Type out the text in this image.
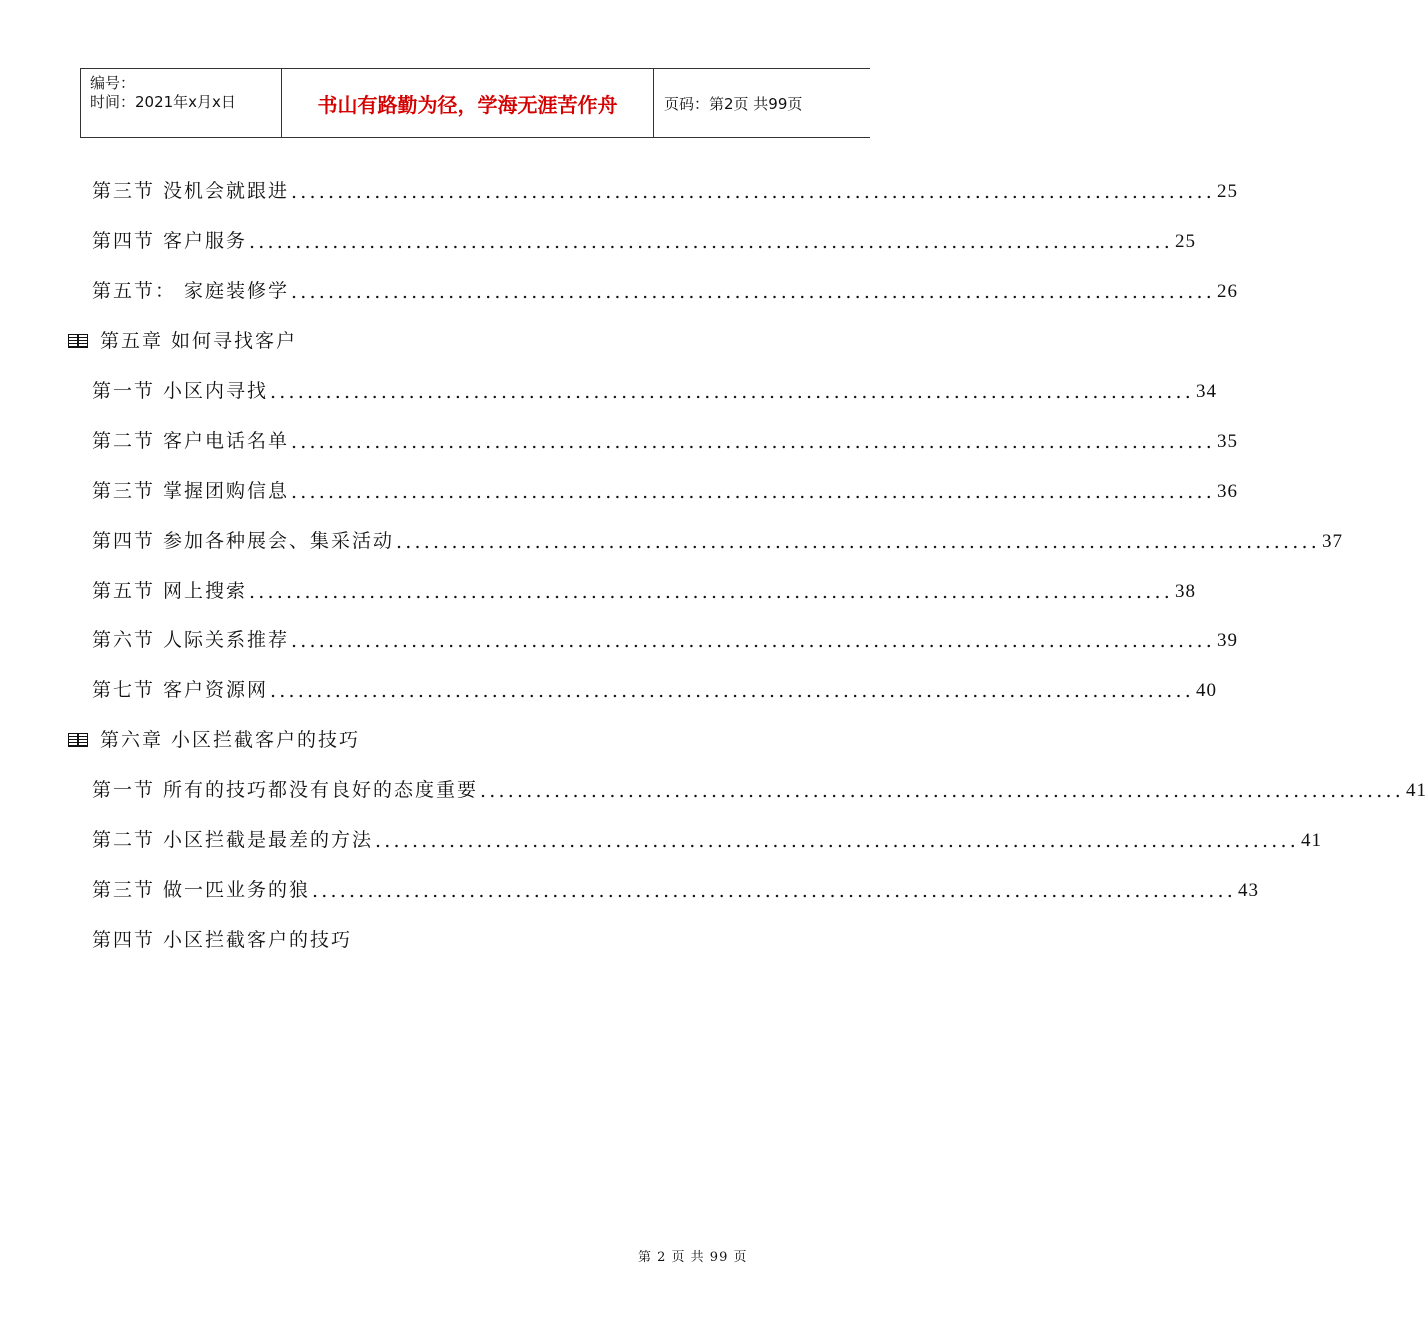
编号：
时间：2021年x月x日	书山有路勤为径，学海无涯苦作舟	页码：第2页 共99页
第三节 没机会就跟进 .................................................................................................... 25
第四节 客户服务 .................................................................................................... 25
第五节： 家庭装修学 .................................................................................................... 26
第五章 如何寻找客户
第一节 小区内寻找 .................................................................................................... 34
第二节 客户电话名单 .................................................................................................... 35
第三节 掌握团购信息 .................................................................................................... 36
第四节 参加各种展会、集采活动 .................................................................................................... 37
第五节 网上搜索 .................................................................................................... 38
第六节 人际关系推荐 .................................................................................................... 39
第七节 客户资源网 .................................................................................................... 40
第六章 小区拦截客户的技巧
第一节 所有的技巧都没有良好的态度重要 .................................................................................................... 41
第二节 小区拦截是最差的方法 .................................................................................................... 41
第三节 做一匹业务的狼 .................................................................................................... 43
第四节 小区拦截客户的技巧
第 2 页 共 99 页
